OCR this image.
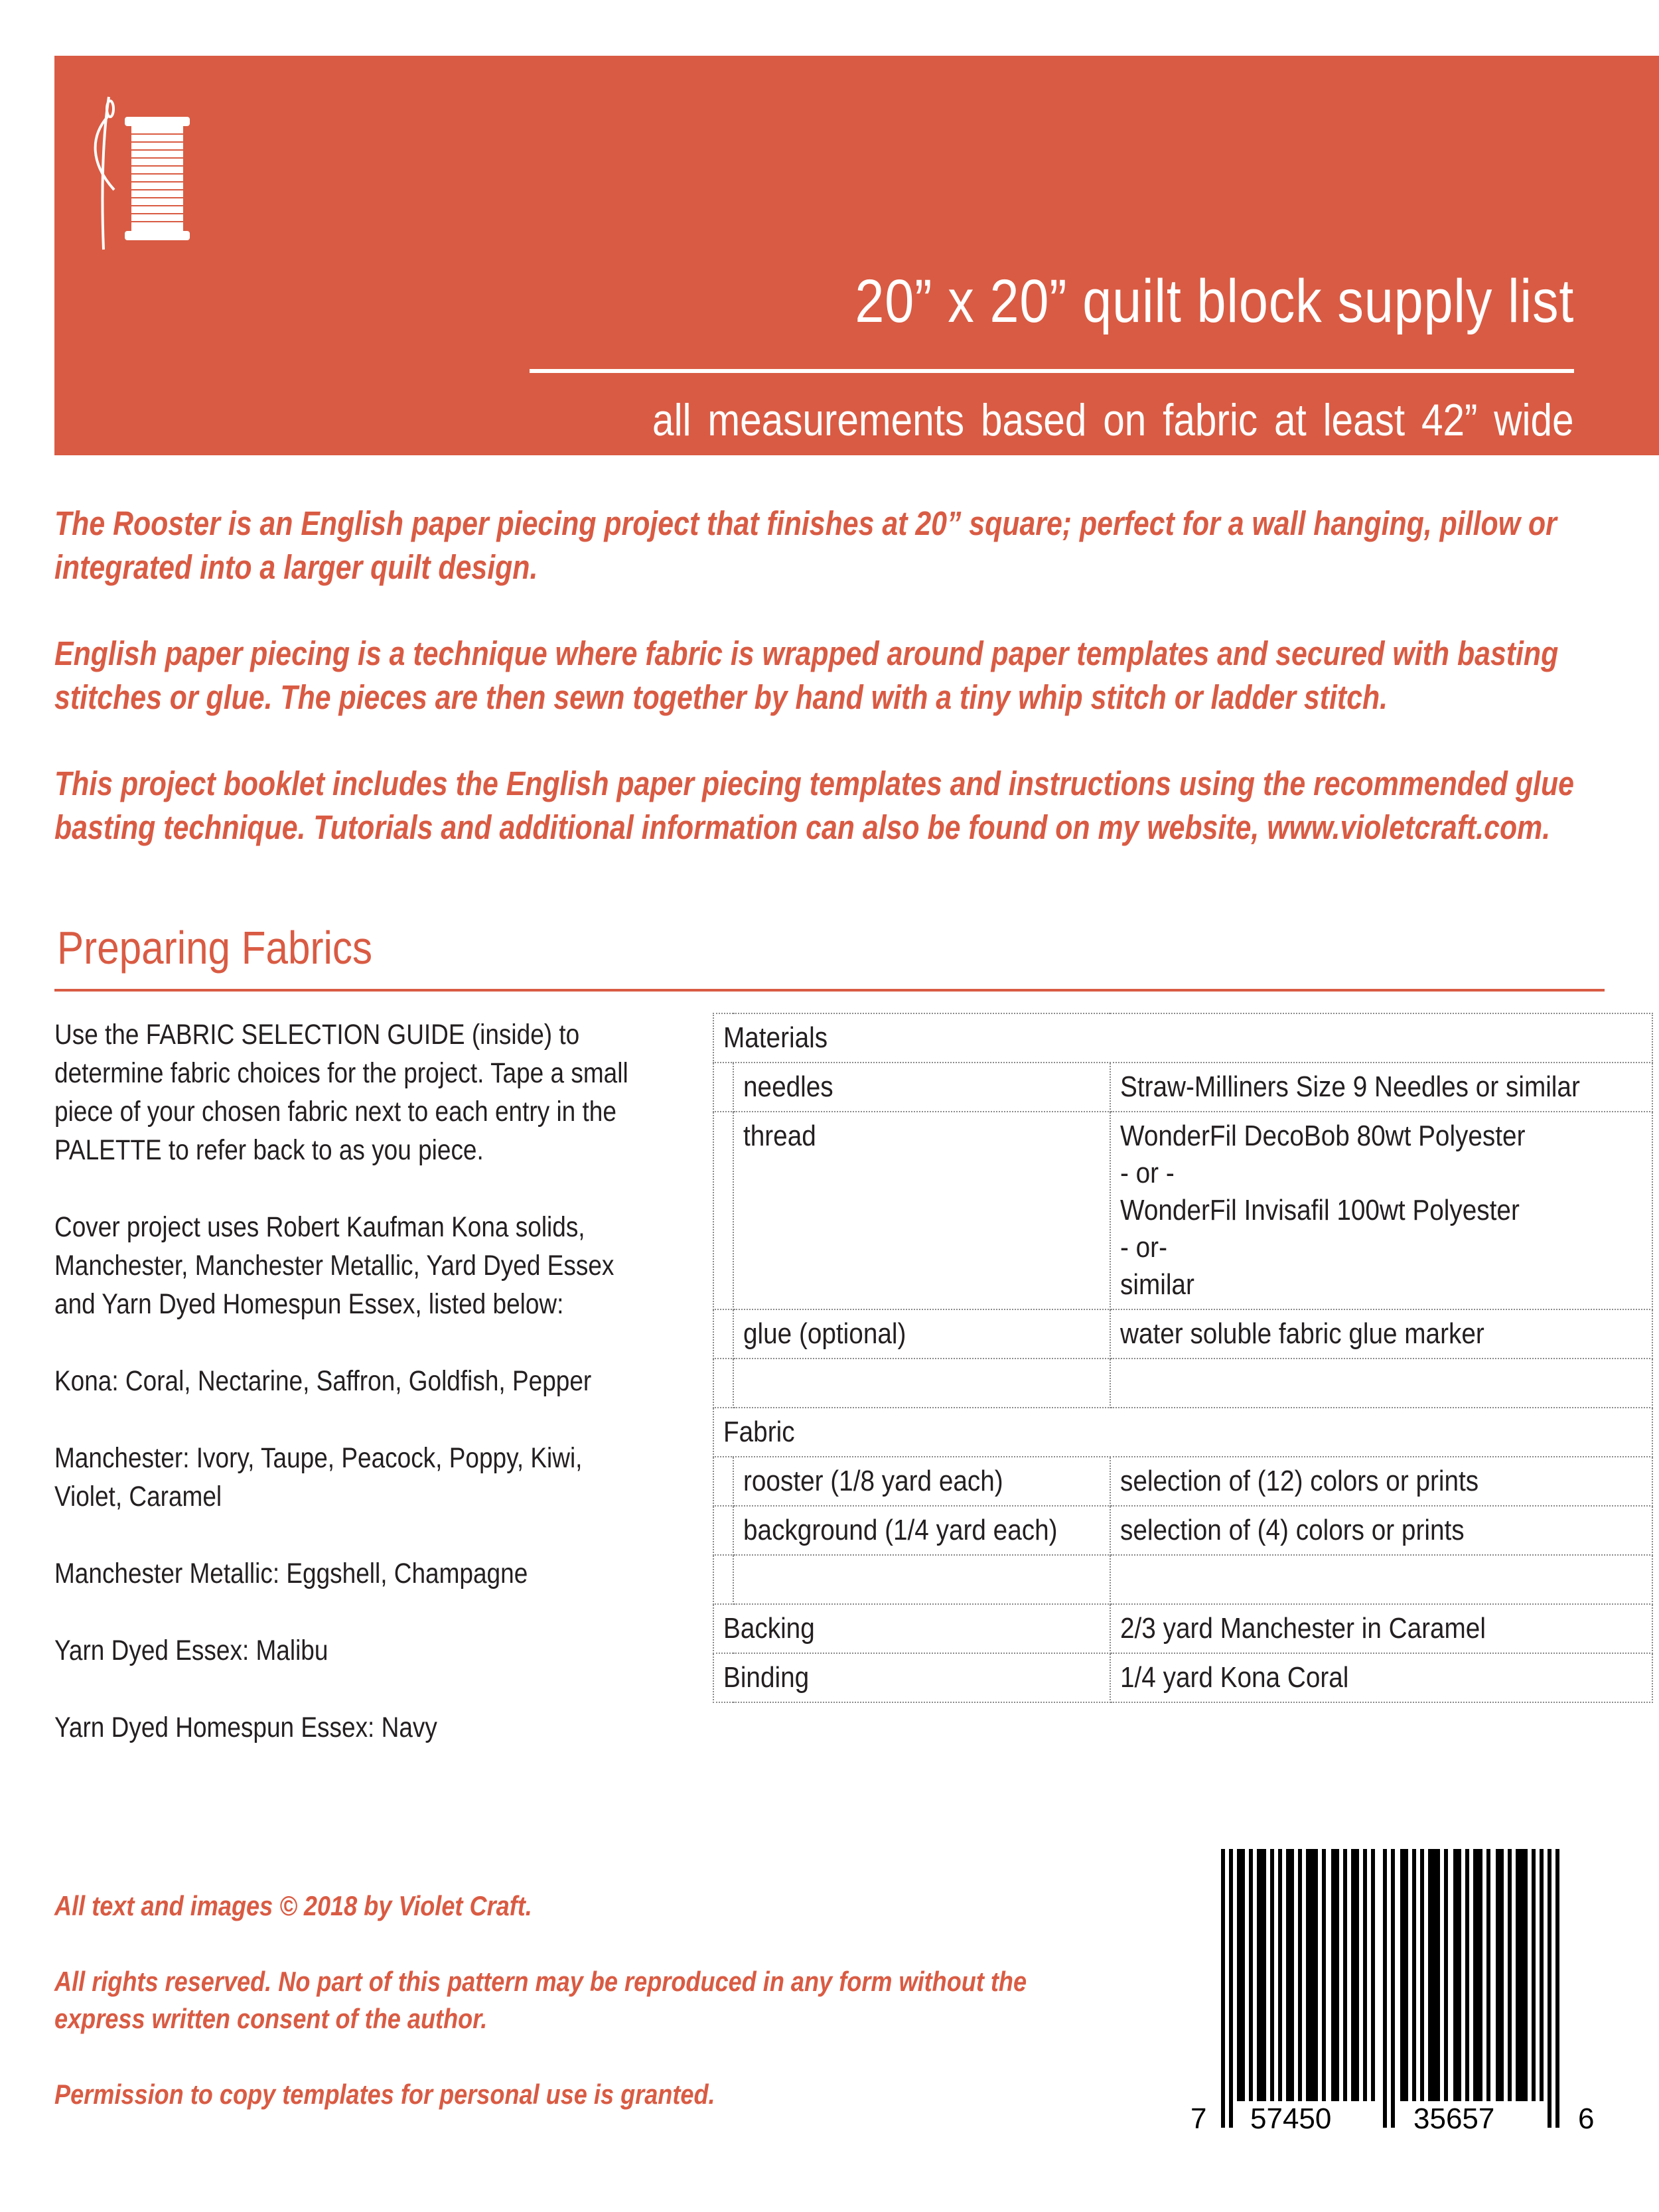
20” x 20” quilt block supply list

all measurements based on fabric at least 42” wide

The Rooster is an English paper piecing project that finishes at 20” square; perfect for a wall hanging, pillow or integrated into a larger quilt design.

English paper piecing is a technique where fabric is wrapped around paper templates and secured with basting stitches or glue. The pieces are then sewn together by hand with a tiny whip stitch or ladder stitch.

This project booklet includes the English paper piecing templates and instructions using the recommended glue basting technique. Tutorials and additional information can also be found on my website, www.violetcraft.com.

Preparing Fabrics

Use the FABRIC SELECTION GUIDE (inside) to determine fabric choices for the project. Tape a small piece of your chosen fabric next to each entry in the PALETTE to refer back to as you piece.

Cover project uses Robert Kaufman Kona solids, Manchester, Manchester Metallic, Yard Dyed Essex and Yarn Dyed Homespun Essex, listed below:

Kona: Coral, Nectarine, Saffron, Goldfish, Pepper

Manchester: Ivory, Taupe, Peacock, Poppy, Kiwi, Violet, Caramel

Manchester Metallic: Eggshell, Champagne

Yarn Dyed Essex: Malibu

Yarn Dyed Homespun Essex: Navy

Materials		
	needles	Straw-Milliners Size 9 Needles or similar
	thread	WonderFil DecoBob 80wt Polyester
- or -
WonderFil Invisafil 100wt Polyester
- or-
similar
	glue (optional)	water soluble fabric glue marker

Fabric		
	rooster (1/8 yard each)	selection of (12) colors or prints
	background (1/4 yard each)	selection of (4) colors or prints

Backing		2/3 yard Manchester in Caramel
Binding		1/4 yard Kona Coral

All text and images © 2018 by Violet Craft.

All rights reserved. No part of this pattern may be reproduced in any form without the express written consent of the author.

Permission to copy templates for personal use is granted.

7 57450	35657	6
